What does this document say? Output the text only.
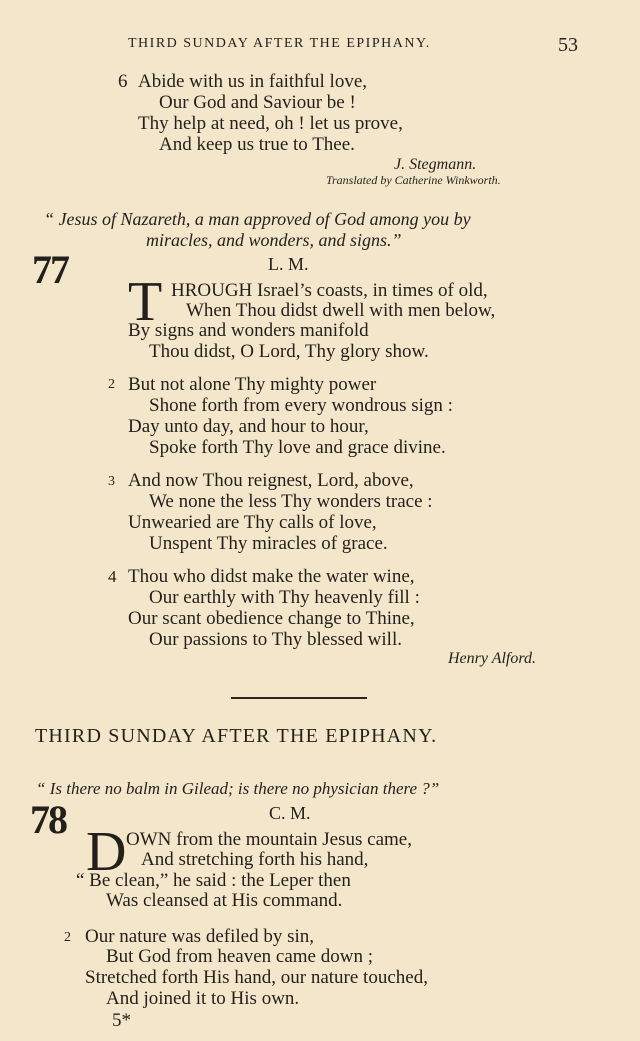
THIRD SUNDAY AFTER THE EPIPHANY.	53
6 Abide with us in faithful love,
Our God and Saviour be !
Thy help at need, oh ! let us prove,
And keep us true to Thee.
J. Stegmann.
Translated by Catherine Winkworth.
“ Jesus of Nazareth, a man approved of God among you by
miracles, and wonders, and signs.”
77	L. M.
T HROUGH Israel’s coasts, in times of old,
When Thou didst dwell with men below,
By signs and wonders manifold
Thou didst, O Lord, Thy glory show.
2 But not alone Thy mighty power
Shone forth from every wondrous sign :
Day unto day, and hour to hour,
Spoke forth Thy love and grace divine.
3 And now Thou reignest, Lord, above,
We none the less Thy wonders trace :
Unwearied are Thy calls of love,
Unspent Thy miracles of grace.
4 Thou who didst make the water wine,
Our earthly with Thy heavenly fill :
Our scant obedience change to Thine,
Our passions to Thy blessed will.
Henry Alford.
THIRD SUNDAY AFTER THE EPIPHANY.
“ Is there no balm in Gilead; is there no physician there ?”
78	C. M.
D OWN from the mountain Jesus came,
And stretching forth his hand,
“ Be clean,” he said : the Leper then
Was cleansed at His command.
2 Our nature was defiled by sin,
But God from heaven came down ;
Stretched forth His hand, our nature touched,
And joined it to His own.
5*
